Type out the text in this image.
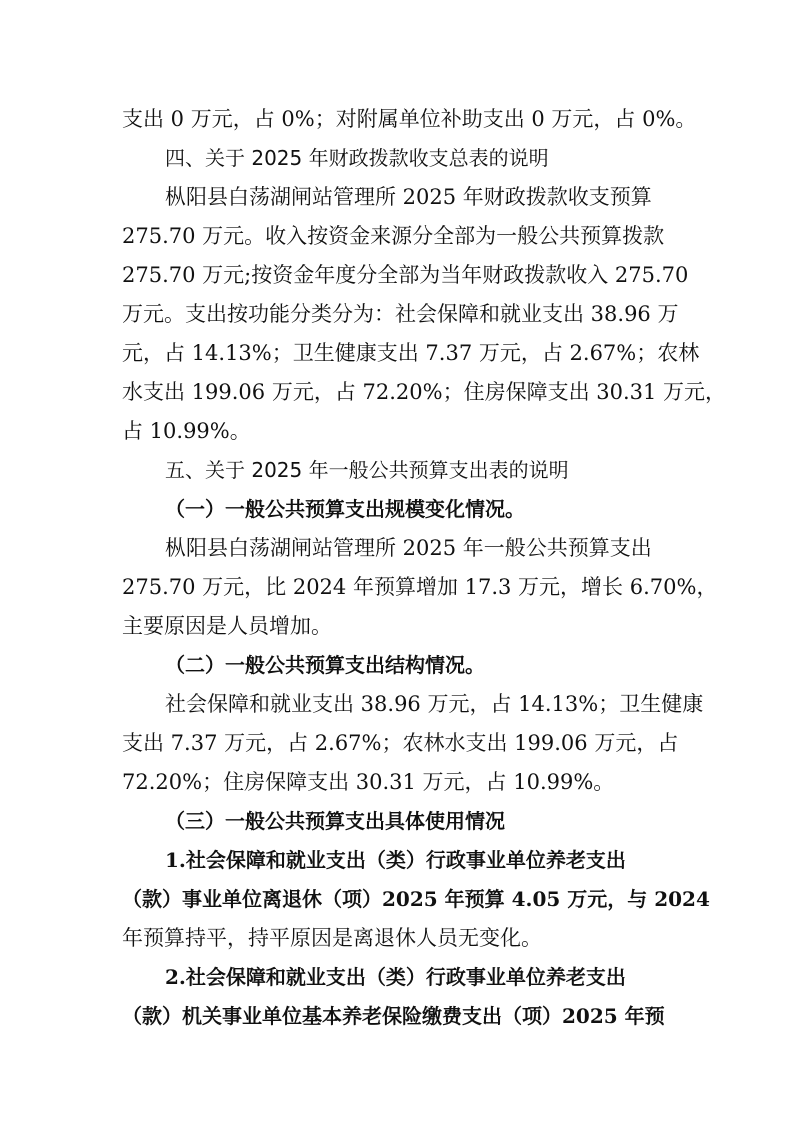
支出 0 万元，占 0%；对附属单位补助支出 0 万元，占 0%。
四、关于 2025 年财政拨款收支总表的说明
枞阳县白荡湖闸站管理所 2025 年财政拨款收支预算
275.70 万元。收入按资金来源分全部为一般公共预算拨款
275.70 万元;按资金年度分全部为当年财政拨款收入 275.70
万元。支出按功能分类分为：社会保障和就业支出 38.96 万
元，占 14.13%；卫生健康支出 7.37 万元，占 2.67%；农林
水支出 199.06 万元，占 72.20%；住房保障支出 30.31 万元，
占 10.99%。
五、关于 2025 年一般公共预算支出表的说明
（一）一般公共预算支出规模变化情况。
枞阳县白荡湖闸站管理所 2025 年一般公共预算支出
275.70 万元，比 2024 年预算增加 17.3 万元，增长 6.70%，
主要原因是人员增加。
（二）一般公共预算支出结构情况。
社会保障和就业支出 38.96 万元，占 14.13%；卫生健康
支出 7.37 万元，占 2.67%；农林水支出 199.06 万元，占
72.20%；住房保障支出 30.31 万元，占 10.99%。
（三）一般公共预算支出具体使用情况
1.社会保障和就业支出（类）行政事业单位养老支出
（款）事业单位离退休（项）2025 年预算 4.05 万元，与 2024
年预算持平，持平原因是离退休人员无变化。
2.社会保障和就业支出（类）行政事业单位养老支出
（款）机关事业单位基本养老保险缴费支出（项）2025 年预
